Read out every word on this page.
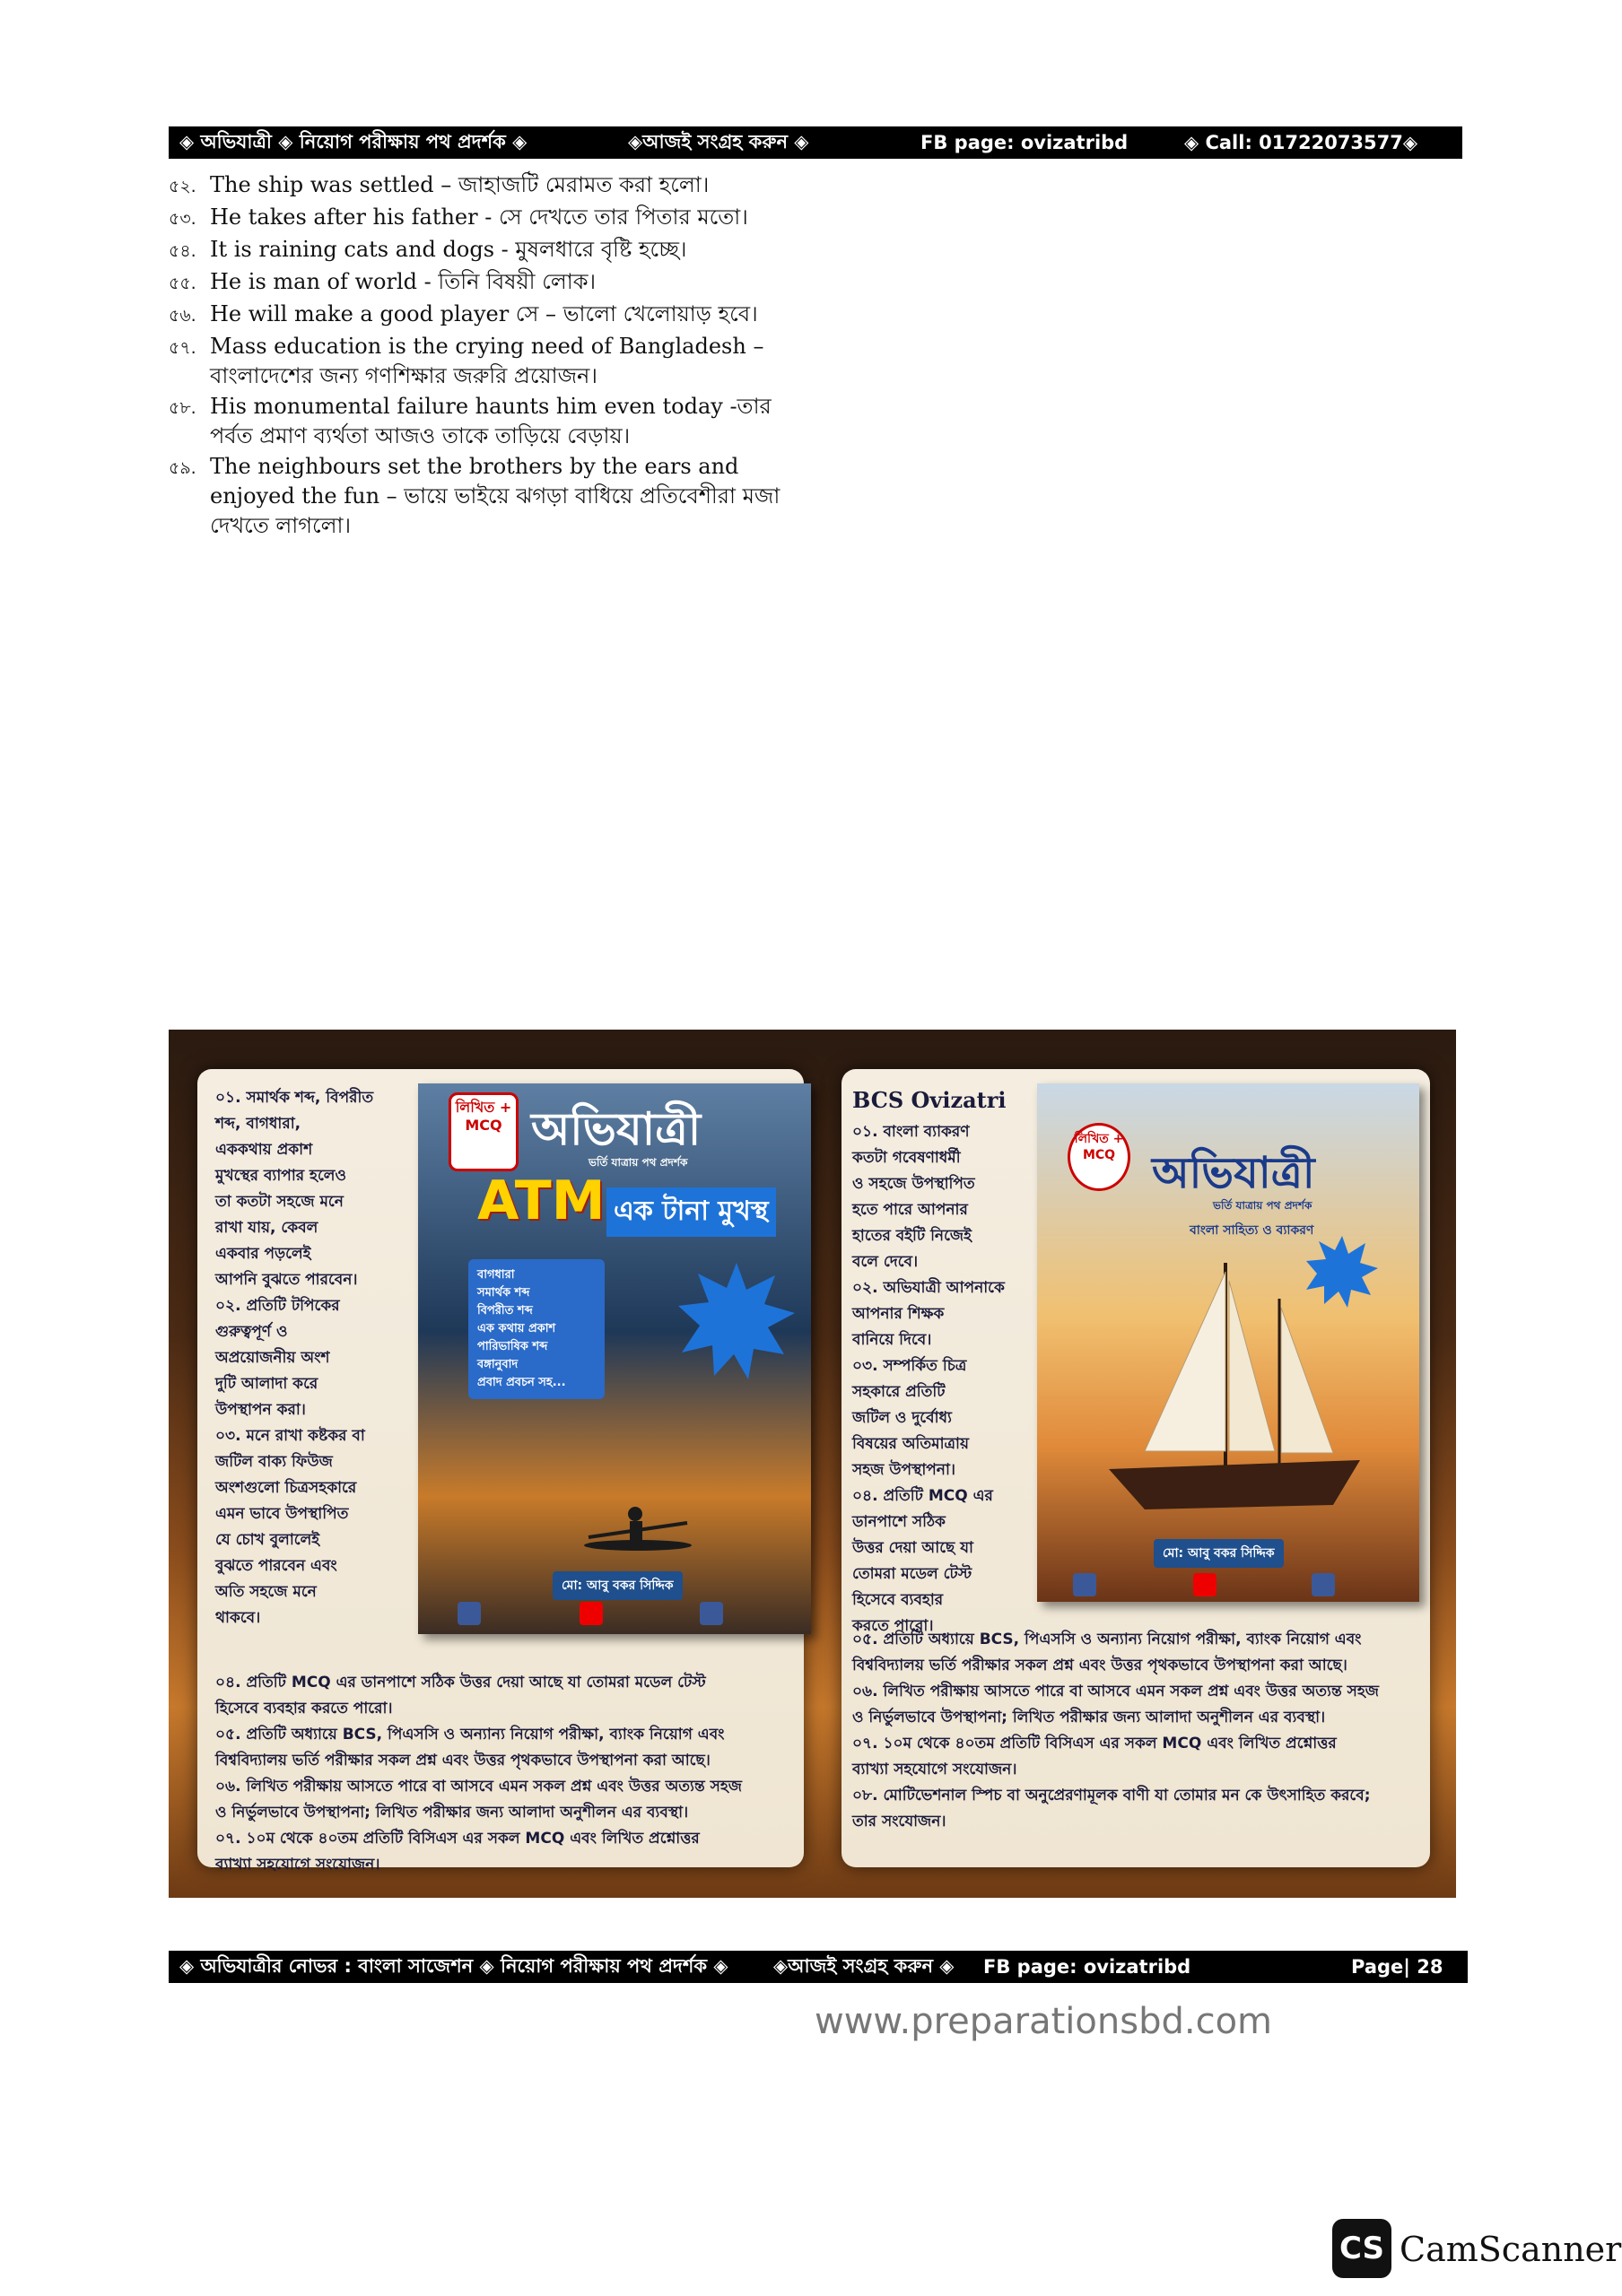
◈ অভিযাত্রী ◈ নিয়োগ পরীক্ষায় পথ প্রদর্শক ◈	◈আজই সংগ্রহ করুন ◈	FB page: ovizatribd	◈ Call: 01722073577◈
৫২. The ship was settled – জাহাজটি মেরামত করা হলো।
৫৩. He takes after his father - সে দেখতে তার পিতার মতো।
৫৪. It is raining cats and dogs - মুষলধারে বৃষ্টি হচ্ছে।
৫৫. He is man of world - তিনি বিষয়ী লোক।
৫৬. He will make a good player সে – ভালো খেলোয়াড় হবে।
৫৭. Mass education is the crying need of Bangladesh – বাংলাদেশের জন্য গণশিক্ষার জরুরি প্রয়োজন।
৫৮. His monumental failure haunts him even today -তার পর্বত প্রমাণ ব্যর্থতা আজও তাকে তাড়িয়ে বেড়ায়।
৫৯. The neighbours set the brothers by the ears and enjoyed the fun – ভায়ে ভাইয়ে ঝগড়া বাধিয়ে প্রতিবেশীরা মজা দেখতে লাগলো।
০১. সমার্থক শব্দ, বিপরীত
শব্দ, বাগধারা,
এককথায় প্রকাশ
মুখস্থের ব্যাপার হলেও
তা কতটা সহজে মনে
রাখা যায়, কেবল
একবার পড়লেই
আপনি বুঝতে পারবেন।
০২. প্রতিটি টপিকের
গুরুত্বপূর্ণ ও
অপ্রয়োজনীয় অংশ
দুটি আলাদা করে
উপস্থাপন করা।
০৩. মনে রাখা কষ্টকর বা
জটিল বাক্য ফিউজ
অংশগুলো চিত্রসহকারে
এমন ভাবে উপস্থাপিত
যে চোখ বুলালেই
বুঝতে পারবেন এবং
অতি সহজে মনে
থাকবে।
লিখিত + MCQ অভিযাত্রী
ভর্তি যাত্রায় পথ প্রদর্শক
ATM এক টানা মুখস্থ
বাগধারা
সমার্থক শব্দ
বিপরীত শব্দ
এক কথায় প্রকাশ
পারিভাষিক শব্দ
বঙ্গানুবাদ
প্রবাদ প্রবচন সহ...
মো: আবু বকর সিদ্দিক
০৪. প্রতিটি MCQ এর ডানপাশে সঠিক উত্তর দেয়া আছে যা তোমরা মডেল টেস্ট
হিসেবে ব্যবহার করতে পারো।
০৫. প্রতিটি অধ্যায়ে BCS, পিএসসি ও অন্যান্য নিয়োগ পরীক্ষা, ব্যাংক নিয়োগ এবং
বিশ্ববিদ্যালয় ভর্তি পরীক্ষার সকল প্রশ্ন এবং উত্তর পৃথকভাবে উপস্থাপনা করা আছে।
০৬. লিখিত পরীক্ষায় আসতে পারে বা আসবে এমন সকল প্রশ্ন এবং উত্তর অত্যন্ত সহজ
ও নির্ভুলভাবে উপস্থাপনা; লিখিত পরীক্ষার জন্য আলাদা অনুশীলন এর ব্যবস্থা।
০৭. ১০ম থেকে ৪০তম প্রতিটি বিসিএস এর সকল MCQ এবং লিখিত প্রশ্নোত্তর
ব্যাখ্যা সহযোগে সংযোজন।
BCS Ovizatri
০১. বাংলা ব্যাকরণ
কতটা গবেষণাধর্মী
ও সহজে উপস্থাপিত
হতে পারে আপনার
হাতের বইটি নিজেই
বলে দেবে।
০২. অভিযাত্রী আপনাকে
আপনার শিক্ষক
বানিয়ে দিবে।
০৩. সম্পর্কিত চিত্র
সহকারে প্রতিটি
জটিল ও দুর্বোধ্য
বিষয়ের অতিমাত্রায়
সহজ উপস্থাপনা।
০৪. প্রতিটি MCQ এর
ডানপাশে সঠিক
উত্তর দেয়া আছে যা
তোমরা মডেল টেস্ট
হিসেবে ব্যবহার
করতে পারো।
লিখিত + MCQ অভিযাত্রী
ভর্তি যাত্রায় পথ প্রদর্শক
বাংলা সাহিত্য ও ব্যাকরণ
মো: আবু বকর সিদ্দিক
০৫. প্রতিটি অধ্যায়ে BCS, পিএসসি ও অন্যান্য নিয়োগ পরীক্ষা, ব্যাংক নিয়োগ এবং
বিশ্ববিদ্যালয় ভর্তি পরীক্ষার সকল প্রশ্ন এবং উত্তর পৃথকভাবে উপস্থাপনা করা আছে।
০৬. লিখিত পরীক্ষায় আসতে পারে বা আসবে এমন সকল প্রশ্ন এবং উত্তর অত্যন্ত সহজ
ও নির্ভুলভাবে উপস্থাপনা; লিখিত পরীক্ষার জন্য আলাদা অনুশীলন এর ব্যবস্থা।
০৭. ১০ম থেকে ৪০তম প্রতিটি বিসিএস এর সকল MCQ এবং লিখিত প্রশ্নোত্তর
ব্যাখ্যা সহযোগে সংযোজন।
০৮. মোটিভেশনাল স্পিচ বা অনুপ্রেরণামূলক বাণী যা তোমার মন কে উৎসাহিত করবে;
তার সংযোজন।
◈ অভিযাত্রীর নোভর : বাংলা সাজেশন ◈ নিয়োগ পরীক্ষায় পথ প্রদর্শক ◈ ◈আজই সংগ্রহ করুন ◈ FB page: ovizatribd	Page| 28
www.preparationsbd.com
CS CamScanner
